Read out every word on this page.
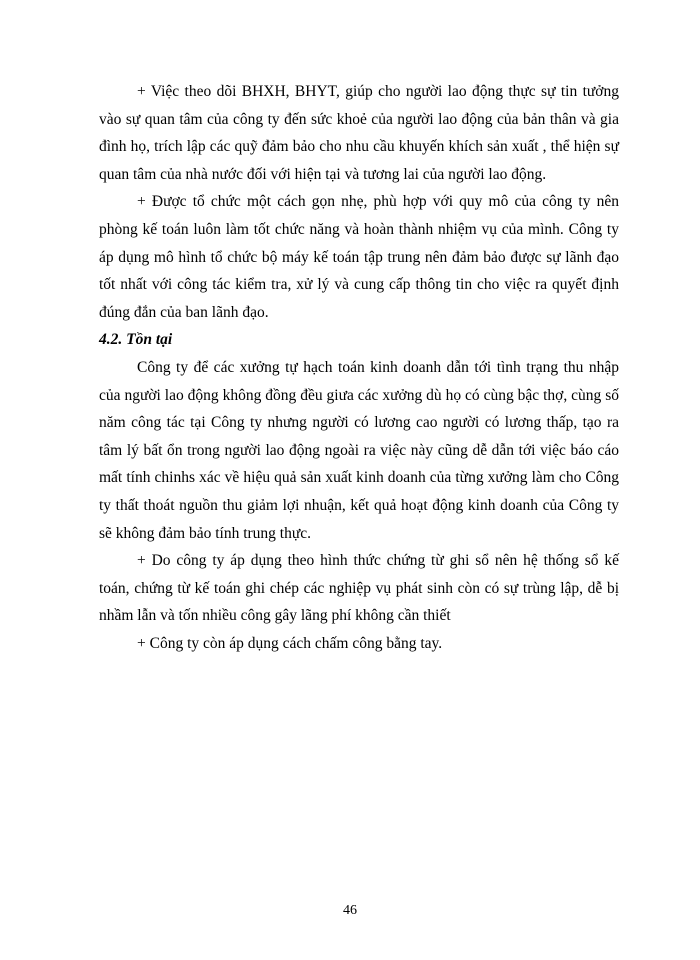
+ Việc theo dõi BHXH, BHYT, giúp cho người lao động thực sự tin tưởng vào sự quan tâm của công ty đến sức khoẻ của người lao động của bản thân và gia đình họ, trích lập các quỹ đảm bảo cho nhu cầu khuyến khích sản xuất , thể hiện sự quan tâm của nhà nước đối với hiện tại và tương lai của người lao động.

+ Được tổ chức một cách gọn nhẹ, phù hợp với quy mô của công ty nên phòng kế toán luôn làm tốt chức năng và hoàn thành nhiệm vụ của mình. Công ty áp dụng mô hình tổ chức bộ máy kế toán tập trung nên đảm bảo được sự lãnh đạo tốt nhất với công tác kiểm tra, xử lý và cung cấp thông tin cho việc ra quyết định đúng đắn của ban lãnh đạo.

4.2. Tồn tại

Công ty để các xưởng tự hạch toán kinh doanh dẫn tới tình trạng thu nhập của người lao động không đồng đều giưa các xưởng dù họ có cùng bậc thợ, cùng số năm công tác tại Công ty nhưng người có lương cao người có lương thấp, tạo ra tâm lý bất ổn trong người lao động ngoài ra việc này cũng dễ dẫn tới việc báo cáo mất tính chinhs xác về hiệu quả sản xuất kinh doanh của từng xưởng làm cho Công ty thất thoát nguồn thu giảm lợi nhuận, kết quả hoạt động kinh doanh của Công ty sẽ không đảm bảo tính trung thực.

+ Do công ty áp dụng theo hình thức chứng từ ghi sổ nên hệ thống sổ kế toán, chứng từ kế toán ghi chép các nghiệp vụ phát sinh còn có sự trùng lập, dễ bị nhầm lẫn và tốn nhiều công gây lãng phí không cần thiết

+ Công ty còn áp dụng cách chấm công bằng tay.

46
